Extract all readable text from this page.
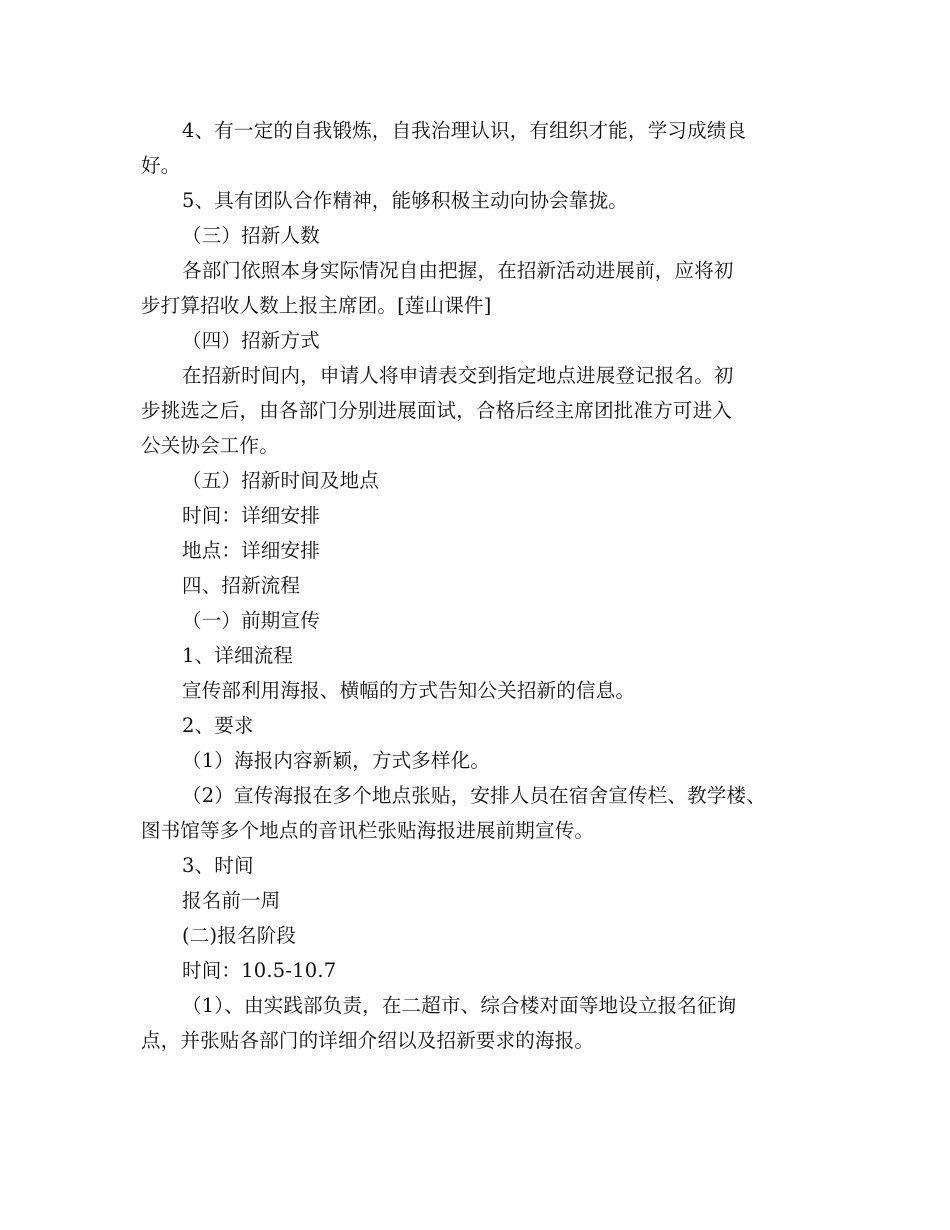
4、有一定的自我锻炼，自我治理认识，有组织才能，学习成绩良
好。
5、具有团队合作精神，能够积极主动向协会靠拢。
（三）招新人数
各部门依照本身实际情况自由把握，在招新活动进展前，应将初
步打算招收人数上报主席团。[莲山课件]
（四）招新方式
在招新时间内，申请人将申请表交到指定地点进展登记报名。初
步挑选之后，由各部门分别进展面试，合格后经主席团批准方可进入
公关协会工作。
（五）招新时间及地点
时间：详细安排
地点：详细安排
四、招新流程
（一）前期宣传
1、详细流程
宣传部利用海报、横幅的方式告知公关招新的信息。
2、要求
（1）海报内容新颖，方式多样化。
（2）宣传海报在多个地点张贴，安排人员在宿舍宣传栏、教学楼、
图书馆等多个地点的音讯栏张贴海报进展前期宣传。
3、时间
报名前一周
(二)报名阶段
时间：10.5-10.7
（1）、由实践部负责，在二超市、综合楼对面等地设立报名征询
点，并张贴各部门的详细介绍以及招新要求的海报。
